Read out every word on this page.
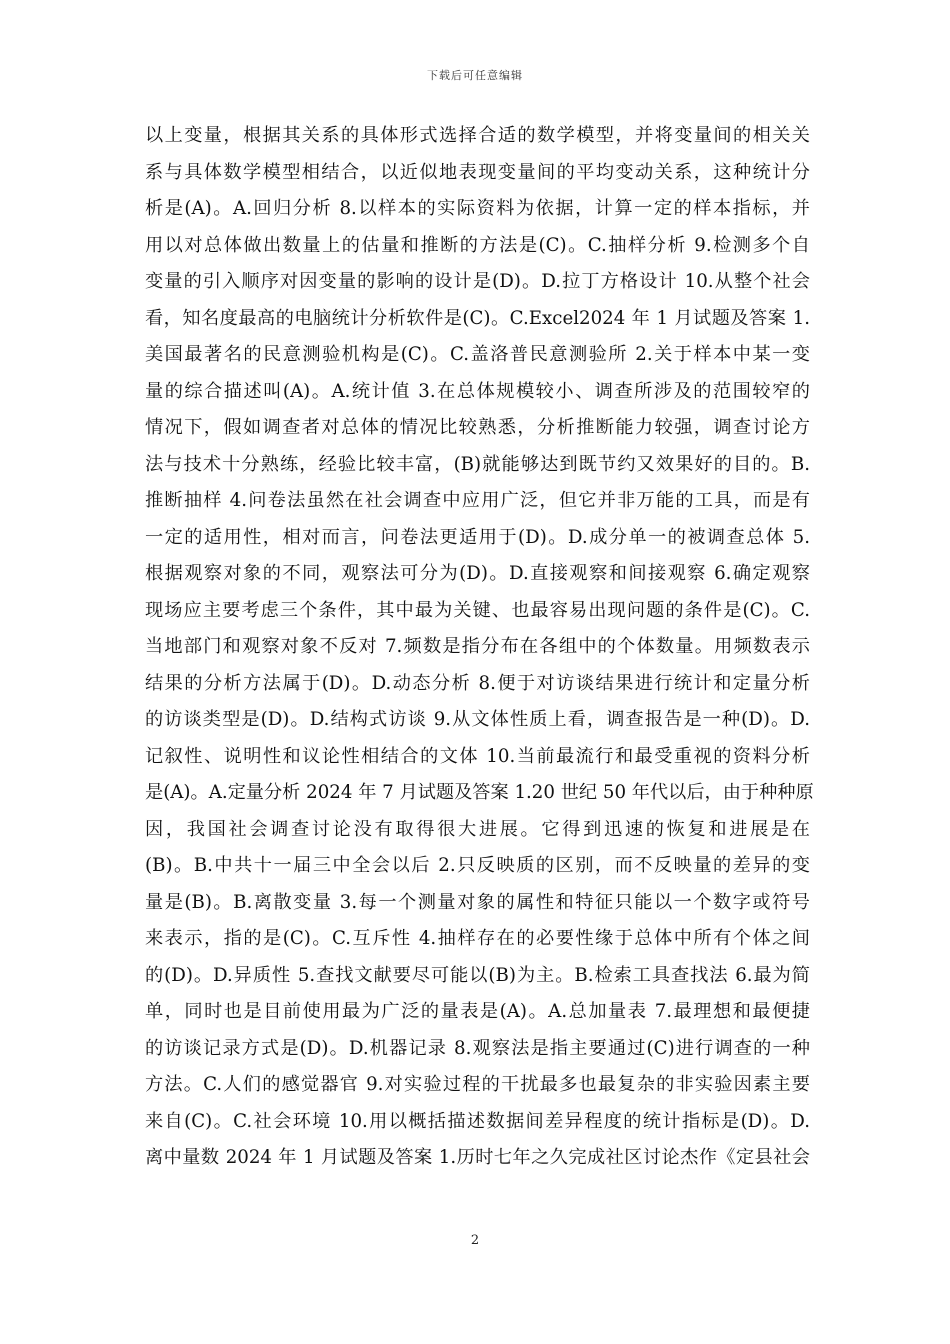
下载后可任意编辑
以上变量，根据其关系的具体形式选择合适的数学模型，并将变量间的相关关
系与具体数学模型相结合，以近似地表现变量间的平均变动关系，这种统计分
析是(A)。A.回归分析 8.以样本的实际资料为依据，计算一定的样本指标，并
用以对总体做出数量上的估量和推断的方法是(C)。C.抽样分析 9.检测多个自
变量的引入顺序对因变量的影响的设计是(D)。D.拉丁方格设计 10.从整个社会
看，知名度最高的电脑统计分析软件是(C)。C.Excel2024 年 1 月试题及答案 1.
美国最著名的民意测验机构是(C)。C.盖洛普民意测验所 2.关于样本中某一变
量的综合描述叫(A)。A.统计值 3.在总体规模较小、调查所涉及的范围较窄的
情况下，假如调查者对总体的情况比较熟悉，分析推断能力较强，调查讨论方
法与技术十分熟练，经验比较丰富，(B)就能够达到既节约又效果好的目的。B.
推断抽样 4.问卷法虽然在社会调查中应用广泛，但它并非万能的工具，而是有
一定的适用性，相对而言，问卷法更适用于(D)。D.成分单一的被调查总体 5.
根据观察对象的不同，观察法可分为(D)。D.直接观察和间接观察 6.确定观察
现场应主要考虑三个条件，其中最为关键、也最容易出现问题的条件是(C)。C.
当地部门和观察对象不反对 7.频数是指分布在各组中的个体数量。用频数表示
结果的分析方法属于(D)。D.动态分析 8.便于对访谈结果进行统计和定量分析
的访谈类型是(D)。D.结构式访谈 9.从文体性质上看，调查报告是一种(D)。D.
记叙性、说明性和议论性相结合的文体 10.当前最流行和最受重视的资料分析
是(A)。A.定量分析 2024 年 7 月试题及答案 1.20 世纪 50 年代以后，由于种种原
因，我国社会调查讨论没有取得很大进展。它得到迅速的恢复和进展是在
(B)。B.中共十一届三中全会以后 2.只反映质的区别，而不反映量的差异的变
量是(B)。B.离散变量 3.每一个测量对象的属性和特征只能以一个数字或符号
来表示，指的是(C)。C.互斥性 4.抽样存在的必要性缘于总体中所有个体之间
的(D)。D.异质性 5.查找文献要尽可能以(B)为主。B.检索工具查找法 6.最为简
单，同时也是目前使用最为广泛的量表是(A)。A.总加量表 7.最理想和最便捷
的访谈记录方式是(D)。D.机器记录 8.观察法是指主要通过(C)进行调查的一种
方法。C.人们的感觉器官 9.对实验过程的干扰最多也最复杂的非实验因素主要
来自(C)。C.社会环境 10.用以概括描述数据间差异程度的统计指标是(D)。D.
离中量数 2024 年 1 月试题及答案 1.历时七年之久完成社区讨论杰作《定县社会
2
